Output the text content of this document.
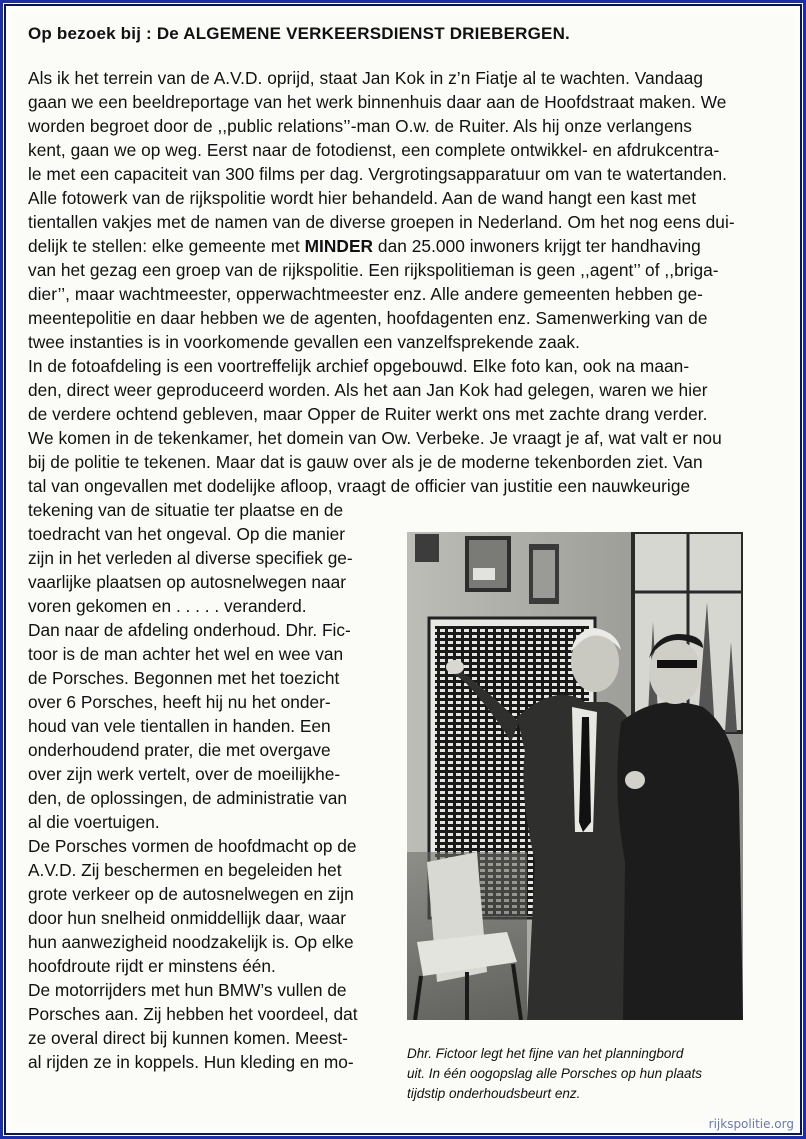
Op bezoek bij : De ALGEMENE VERKEERSDIENST DRIEBERGEN.
Als ik het terrein van de A.V.D. oprijd, staat Jan Kok in z’n Fiatje al te wachten. Vandaag
gaan we een beeldreportage van het werk binnenhuis daar aan de Hoofdstraat maken. We
worden begroet door de ,,public relations’’-man O.w. de Ruiter. Als hij onze verlangens
kent, gaan we op weg. Eerst naar de fotodienst, een complete ontwikkel- en afdrukcentra-
le met een capaciteit van 300 films per dag. Vergrotingsapparatuur om van te watertanden.
Alle fotowerk van de rijkspolitie wordt hier behandeld. Aan de wand hangt een kast met
tientallen vakjes met de namen van de diverse groepen in Nederland. Om het nog eens dui-
delijk te stellen: elke gemeente met MINDER dan 25.000 inwoners krijgt ter handhaving
van het gezag een groep van de rijkspolitie. Een rijkspolitieman is geen ,,agent’’ of ,,briga-
dier’’, maar wachtmeester, opperwachtmeester enz. Alle andere gemeenten hebben ge-
meentepolitie en daar hebben we de agenten, hoofdagenten enz. Samenwerking van de
twee instanties is in voorkomende gevallen een vanzelfsprekende zaak.
In de fotoafdeling is een voortreffelijk archief opgebouwd. Elke foto kan, ook na maan-
den, direct weer geproduceerd worden. Als het aan Jan Kok had gelegen, waren we hier
de verdere ochtend gebleven, maar Opper de Ruiter werkt ons met zachte drang verder.
We komen in de tekenkamer, het domein van Ow. Verbeke. Je vraagt je af, wat valt er nou
bij de politie te tekenen. Maar dat is gauw over als je de moderne tekenborden ziet. Van
tal van ongevallen met dodelijke afloop, vraagt de officier van justitie een nauwkeurige
tekening van de situatie ter plaatse en de
toedracht van het ongeval. Op die manier
zijn in het verleden al diverse specifiek ge-
vaarlijke plaatsen op autosnelwegen naar
voren gekomen en . . . . . veranderd.
Dan naar de afdeling onderhoud. Dhr. Fic-
toor is de man achter het wel en wee van
de Porsches. Begonnen met het toezicht
over 6 Porsches, heeft hij nu het onder-
houd van vele tientallen in handen. Een
onderhoudend prater, die met overgave
over zijn werk vertelt, over de moeilijkhe-
den, de oplossingen, de administratie van
al die voertuigen.
De Porsches vormen de hoofdmacht op de
A.V.D. Zij beschermen en begeleiden het
grote verkeer op de autosnelwegen en zijn
door hun snelheid onmiddellijk daar, waar
hun aanwezigheid noodzakelijk is. Op elke
hoofdroute rijdt er minstens één.
De motorrijders met hun BMW’s vullen de
Porsches aan. Zij hebben het voordeel, dat
ze overal direct bij kunnen komen. Meest-
al rijden ze in koppels. Hun kleding en mo-	Dhr. Fictoor legt het fijne van het planningbord
uit. In één oogopslag alle Porsches op hun plaats
tijdstip onderhoudsbeurt enz.
rijkspolitie.org
